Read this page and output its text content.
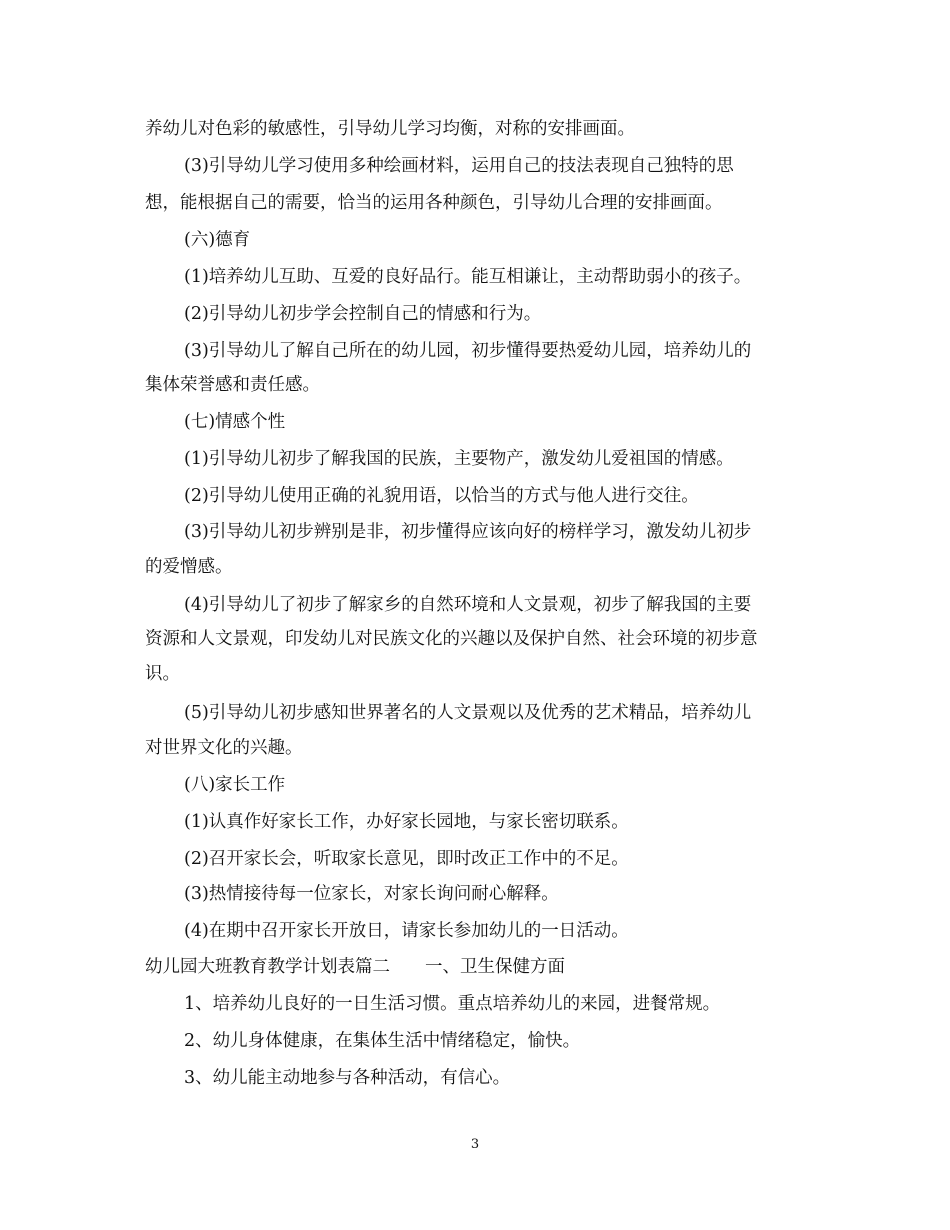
养幼儿对色彩的敏感性，引导幼儿学习均衡，对称的安排画面。
(3)引导幼儿学习使用多种绘画材料，运用自己的技法表现自己独特的思
想，能根据自己的需要，恰当的运用各种颜色，引导幼儿合理的安排画面。
(六)德育
(1)培养幼儿互助、互爱的良好品行。能互相谦让，主动帮助弱小的孩子。
(2)引导幼儿初步学会控制自己的情感和行为。
(3)引导幼儿了解自己所在的幼儿园，初步懂得要热爱幼儿园，培养幼儿的
集体荣誉感和责任感。
(七)情感个性
(1)引导幼儿初步了解我国的民族，主要物产，激发幼儿爱祖国的情感。
(2)引导幼儿使用正确的礼貌用语，以恰当的方式与他人进行交往。
(3)引导幼儿初步辨别是非，初步懂得应该向好的榜样学习，激发幼儿初步
的爱憎感。
(4)引导幼儿了初步了解家乡的自然环境和人文景观，初步了解我国的主要
资源和人文景观，印发幼儿对民族文化的兴趣以及保护自然、社会环境的初步意
识。
(5)引导幼儿初步感知世界著名的人文景观以及优秀的艺术精品，培养幼儿
对世界文化的兴趣。
(八)家长工作
(1)认真作好家长工作，办好家长园地，与家长密切联系。
(2)召开家长会，听取家长意见，即时改正工作中的不足。
(3)热情接待每一位家长，对家长询问耐心解释。
(4)在期中召开家长开放日，请家长参加幼儿的一日活动。
幼儿园大班教育教学计划表篇二　　一、卫生保健方面
1、培养幼儿良好的一日生活习惯。重点培养幼儿的来园，进餐常规。
2、幼儿身体健康，在集体生活中情绪稳定，愉快。
3、幼儿能主动地参与各种活动，有信心。
3
